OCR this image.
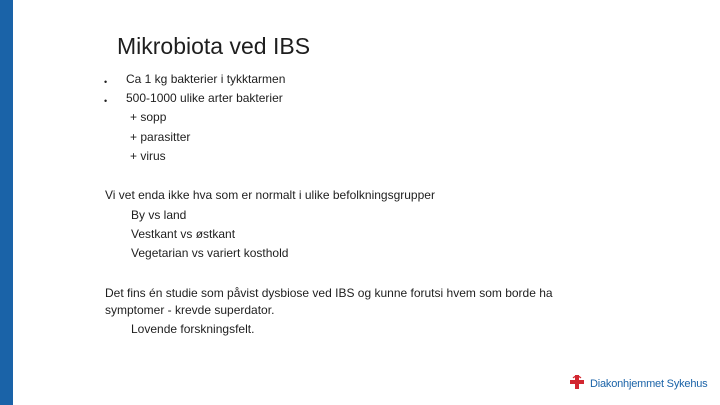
Mikrobiota ved IBS
• Ca 1 kg bakterier i tykktarmen
• 500-1000 ulike arter bakterier
+ sopp
+ parasitter
+ virus
Vi vet enda ikke hva som er normalt i ulike befolkningsgrupper
By vs land
Vestkant vs østkant
Vegetarian vs variert kosthold
Det fins én studie som påvist dysbiose ved IBS og kunne forutsi hvem som borde ha
symptomer - krevde superdator.
Lovende forskningsfelt.
Diakonhjemmet Sykehus
